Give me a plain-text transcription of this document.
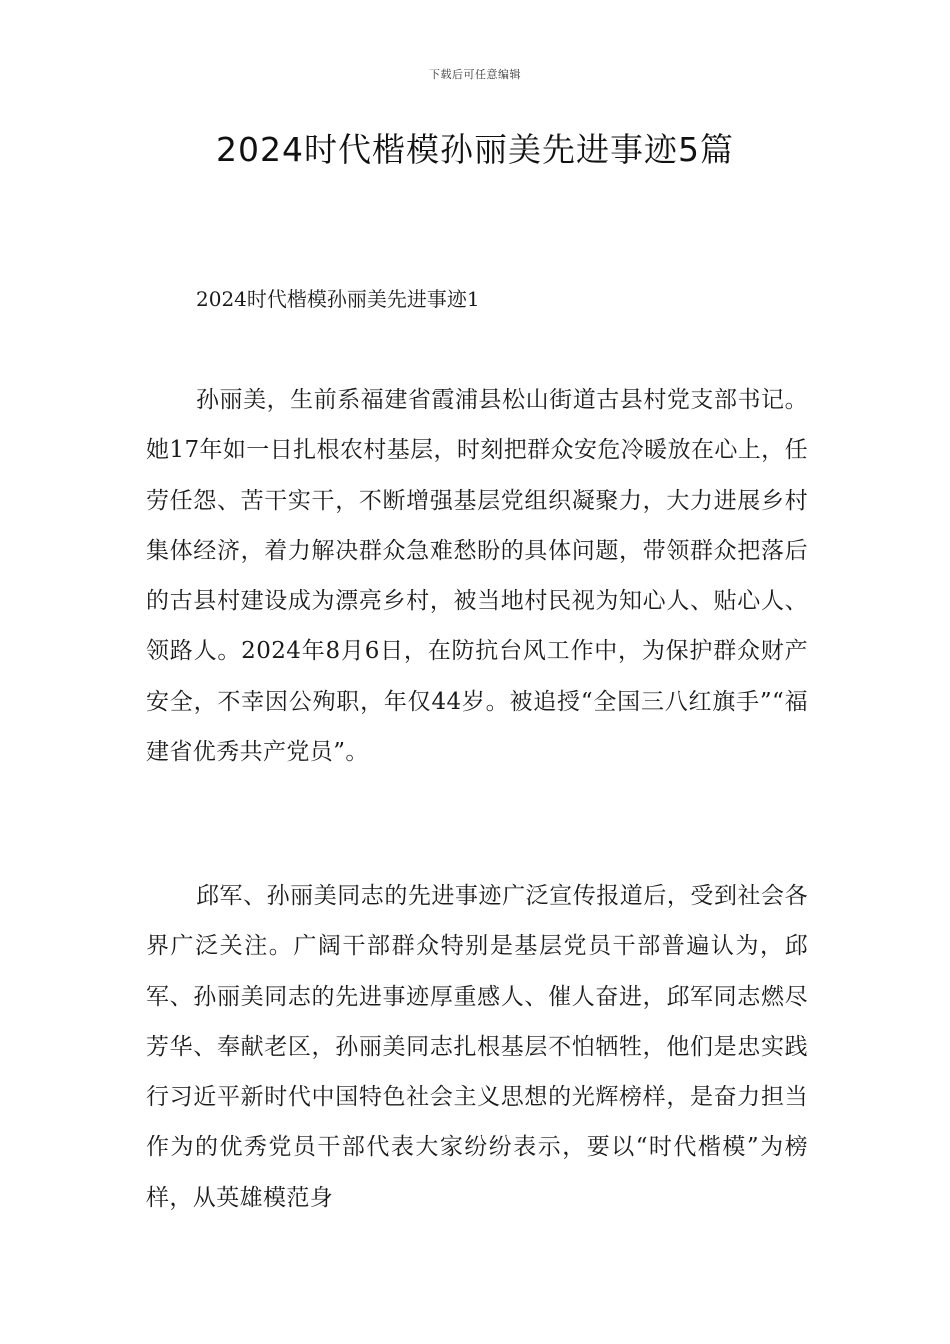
下载后可任意编辑
2024时代楷模孙丽美先进事迹5篇
2024时代楷模孙丽美先进事迹1
孙丽美，生前系福建省霞浦县松山街道古县村党支部书记。她17年如一日扎根农村基层，时刻把群众安危冷暖放在心上，任劳任怨、苦干实干，不断增强基层党组织凝聚力，大力进展乡村集体经济，着力解决群众急难愁盼的具体问题，带领群众把落后的古县村建设成为漂亮乡村，被当地村民视为知心人、贴心人、领路人。2024年8月6日，在防抗台风工作中，为保护群众财产安全，不幸因公殉职，年仅44岁。被追授“全国三八红旗手”“福建省优秀共产党员”。
邱军、孙丽美同志的先进事迹广泛宣传报道后，受到社会各界广泛关注。广阔干部群众特别是基层党员干部普遍认为，邱军、孙丽美同志的先进事迹厚重感人、催人奋进，邱军同志燃尽芳华、奉献老区，孙丽美同志扎根基层不怕牺牲，他们是忠实践行习近平新时代中国特色社会主义思想的光辉榜样，是奋力担当作为的优秀党员干部代表大家纷纷表示，要以“时代楷模”为榜样，从英雄模范身
